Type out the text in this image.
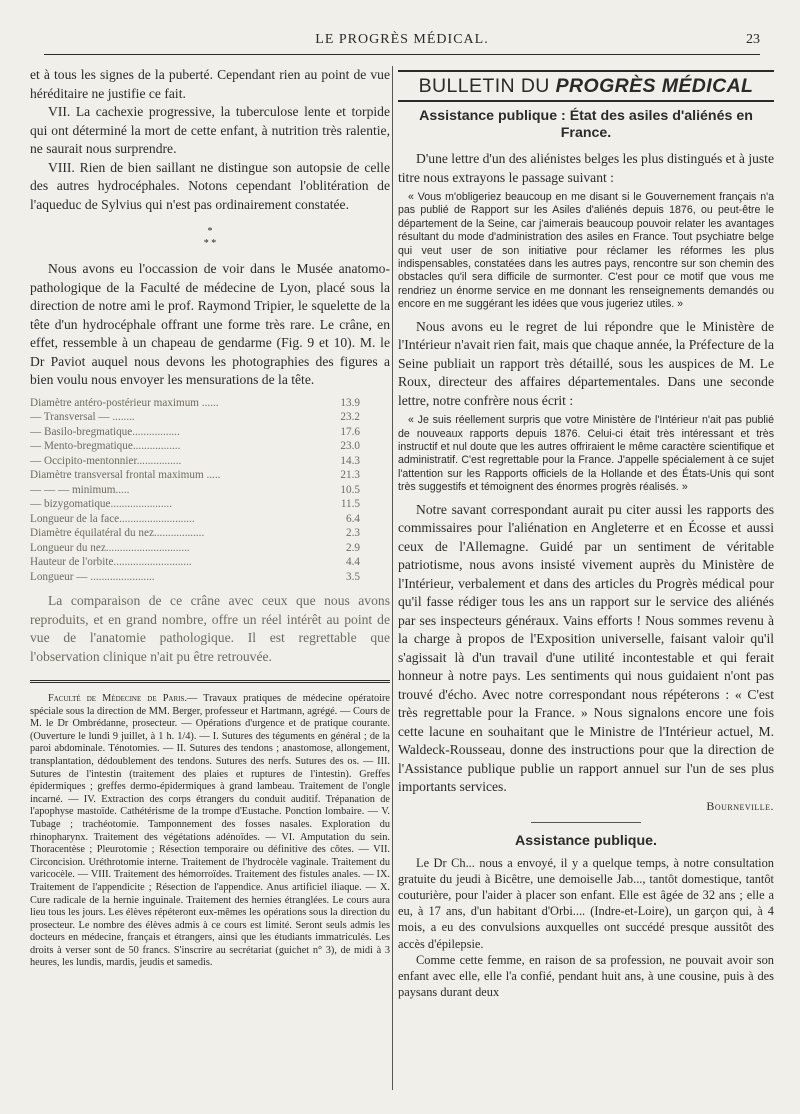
LE PROGRÈS MÉDICAL.	23

et à tous les signes de la puberté. Cependant rien au point de vue héréditaire ne justifie ce fait.

VII. La cachexie progressive, la tuberculose lente et torpide qui ont déterminé la mort de cette enfant, à nutrition très ralentie, ne saurait nous surprendre.

VIII. Rien de bien saillant ne distingue son autopsie de celle des autres hydrocéphales. Notons cependant l'oblitération de l'aqueduc de Sylvius qui n'est pas ordinairement constatée.

*
* *

Nous avons eu l'occassion de voir dans le Musée anatomo-pathologique de la Faculté de médecine de Lyon, placé sous la direction de notre ami le prof. Raymond Tripier, le squelette de la tête d'un hydrocéphale offrant une forme très rare. Le crâne, en effet, ressemble à un chapeau de gendarme (Fig. 9 et 10). M. le Dr Paviot auquel nous devons les photographies des figures a bien voulu nous envoyer les mensurations de la tête.

Diamètre antéro-postérieur maximum ......	13.9
— Transversal — ........	23.2
— Basilo-bregmatique.................	17.6
— Mento-bregmatique.................	23.0
— Occipito-mentonnier................	14.3
Diamètre transversal frontal maximum .....	21.3
— — — minimum.....	10.5
— bizygomatique......................	11.5
Longueur de la face...........................	6.4
Diamètre équilatéral du nez..................	2.3
Longueur du nez..............................	2.9
Hauteur de l'orbite............................	4.4
Longueur — .......................	3.5

La comparaison de ce crâne avec ceux que nous avons reproduits, et en grand nombre, offre un réel intérêt au point de vue de l'anatomie pathologique. Il est regrettable que l'observation clinique n'ait pu être retrouvée.

Faculté de Médecine de Paris.— Travaux pratiques de médecine opératoire spéciale sous la direction de MM. Berger, professeur et Hartmann, agrégé. — Cours de M. le Dr Ombrédanne, prosecteur. — Opérations d'urgence et de pratique courante. (Ouverture le lundi 9 juillet, à 1 h. 1/4). — I. Sutures des téguments en général ; de la paroi abdominale. Ténotomies. — II. Sutures des tendons ; anastomose, allongement, transplantation, dédoublement des tendons. Sutures des nerfs. Sutures des os. — III. Sutures de l'intestin (traitement des plaies et ruptures de l'intestin). Greffes épidermiques ; greffes dermo-épidermiques à grand lambeau. Traitement de l'ongle incarné. — IV. Extraction des corps étrangers du conduit auditif. Trépanation de l'apophyse mastoïde. Cathétérisme de la trompe d'Eustache. Ponction lombaire. — V. Tubage ; trachéotomie. Tamponnement des fosses nasales. Exploration du rhinopharynx. Traitement des végétations adénoïdes. — VI. Amputation du sein. Thoracentèse ; Pleurotomie ; Résection temporaire ou définitive des côtes. — VII. Circoncision. Uréthrotomie interne. Traitement de l'hydrocèle vaginale. Traitement du varicocèle. — VIII. Traitement des hémorroïdes. Traitement des fistules anales. — IX. Traitement de l'appendicite ; Résection de l'appendice. Anus artificiel iliaque. — X. Cure radicale de la hernie inguinale. Traitement des hernies étranglées. Le cours aura lieu tous les jours. Les élèves répéteront eux-mêmes les opérations sous la direction du prosecteur. Le nombre des élèves admis à ce cours est limité. Seront seuls admis les docteurs en médecine, français et étrangers, ainsi que les étudiants immatriculés. Les droits à verser sont de 50 francs. S'inscrire au secrétariat (guichet n° 3), de midi à 3 heures, les lundis, mardis, jeudis et samedis.

BULLETIN DU PROGRÈS MÉDICAL
Assistance publique : État des asiles d'aliénés en France.

D'une lettre d'un des aliénistes belges les plus distingués et à juste titre nous extrayons le passage suivant :

« Vous m'obligeriez beaucoup en me disant si le Gouvernement français n'a pas publié de Rapport sur les Asiles d'aliénés depuis 1876, ou peut-être le département de la Seine, car j'aimerais beaucoup pouvoir relater les avantages résultant du mode d'administration des asiles en France. Tout psychiatre belge qui veut user de son initiative pour réclamer les réformes les plus indispensables, constatées dans les autres pays, rencontre sur son chemin des obstacles qu'il sera difficile de surmonter. C'est pour ce motif que vous me rendriez un énorme service en me donnant les renseignements demandés ou encore en me suggérant les idées que vous jugeriez utiles. »

Nous avons eu le regret de lui répondre que le Ministère de l'Intérieur n'avait rien fait, mais que chaque année, la Préfecture de la Seine publiait un rapport très détaillé, sous les auspices de M. Le Roux, directeur des affaires départementales. Dans une seconde lettre, notre confrère nous écrit :

« Je suis réellement surpris que votre Ministère de l'Intérieur n'ait pas publié de nouveaux rapports depuis 1876. Celui-ci était très intéressant et très instructif et nul doute que les autres offriraient le même caractère scientifique et administratif. C'est regrettable pour la France. J'appelle spécialement à ce sujet l'attention sur les Rapports officiels de la Hollande et des États-Unis qui sont très suggestifs et témoignent des énormes progrès réalisés. »

Notre savant correspondant aurait pu citer aussi les rapports des commissaires pour l'aliénation en Angleterre et en Écosse et aussi ceux de l'Allemagne. Guidé par un sentiment de véritable patriotisme, nous avons insisté vivement auprès du Ministère de l'Intérieur, verbalement et dans des articles du Progrès médical pour qu'il fasse rédiger tous les ans un rapport sur le service des aliénés par ses inspecteurs généraux. Vains efforts ! Nous sommes revenu à la charge à propos de l'Exposition universelle, faisant valoir qu'il s'agissait là d'un travail d'une utilité incontestable et qui ferait honneur à notre pays. Les sentiments qui nous guidaient n'ont pas trouvé d'écho. Avec notre correspondant nous répéterons : « C'est très regrettable pour la France. » Nous signalons encore une fois cette lacune en souhaitant que le Ministre de l'Intérieur actuel, M. Waldeck-Rousseau, donne des instructions pour que la direction de l'Assistance publique publie un rapport annuel sur l'un de ses plus importants services.

Bourneville.
Assistance publique.

Le Dr Ch... nous a envoyé, il y a quelque temps, à notre consultation gratuite du jeudi à Bicêtre, une demoiselle Jab..., tantôt domestique, tantôt couturière, pour l'aider à placer son enfant. Elle est âgée de 32 ans ; elle a eu, à 17 ans, d'un habitant d'Orbi.... (Indre-et-Loire), un garçon qui, à 4 mois, a eu des convulsions auxquelles ont succédé presque aussitôt des accès d'épilepsie.

Comme cette femme, en raison de sa profession, ne pouvait avoir son enfant avec elle, elle l'a confié, pendant huit ans, à une cousine, puis à des paysans durant deux
